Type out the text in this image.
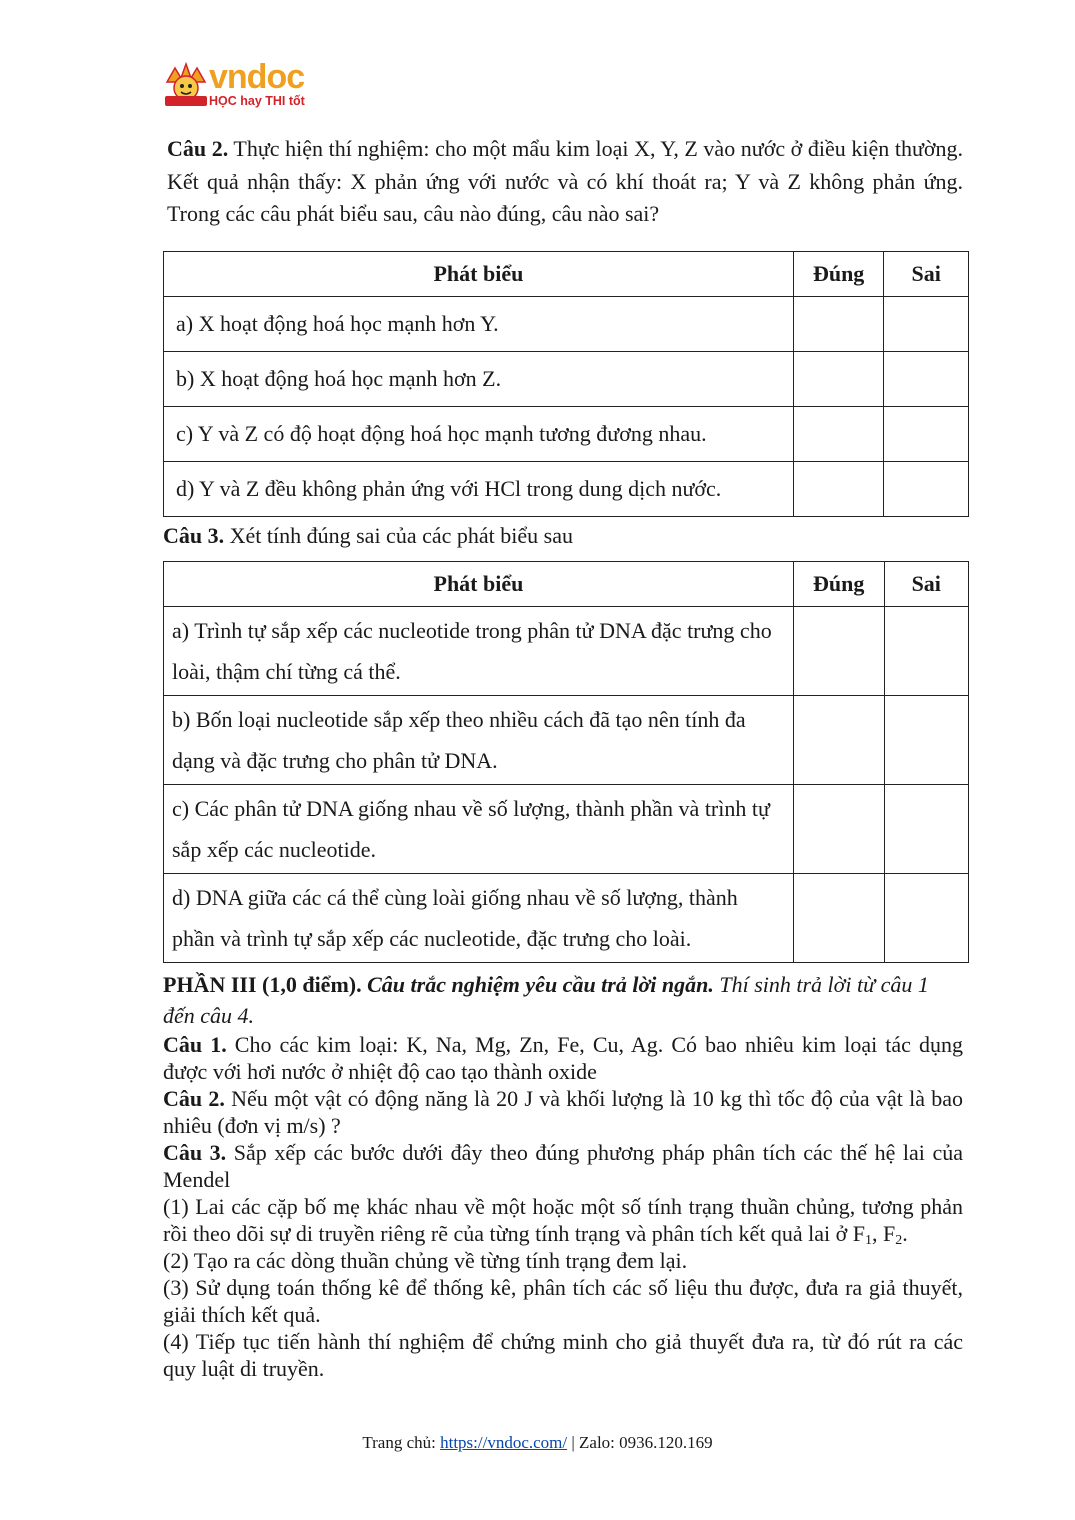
vndoc
HỌC hay THI tốt

Câu 2. Thực hiện thí nghiệm: cho một mẩu kim loại X, Y, Z vào nước ở điều kiện thường. Kết quả nhận thấy: X phản ứng với nước và có khí thoát ra; Y và Z không phản ứng. Trong các câu phát biểu sau, câu nào đúng, câu nào sai?

Phát biểu	Đúng	Sai
a) X hoạt động hoá học mạnh hơn Y.		
b) X hoạt động hoá học mạnh hơn Z.		
c) Y và Z có độ hoạt động hoá học mạnh tương đương nhau.		
d) Y và Z đều không phản ứng với HCl trong dung dịch nước.		

Câu 3. Xét tính đúng sai của các phát biểu sau

Phát biểu	Đúng	Sai
a) Trình tự sắp xếp các nucleotide trong phân tử DNA đặc trưng cho loài, thậm chí từng cá thể.		
b) Bốn loại nucleotide sắp xếp theo nhiều cách đã tạo nên tính đa dạng và đặc trưng cho phân tử DNA.		
c) Các phân tử DNA giống nhau về số lượng, thành phần và trình tự sắp xếp các nucleotide.		
d) DNA giữa các cá thể cùng loài giống nhau về số lượng, thành phần và trình tự sắp xếp các nucleotide, đặc trưng cho loài.		

PHẦN III (1,0 điểm). Câu trắc nghiệm yêu cầu trả lời ngắn. Thí sinh trả lời từ câu 1 đến câu 4.

Câu 1. Cho các kim loại: K, Na, Mg, Zn, Fe, Cu, Ag. Có bao nhiêu kim loại tác dụng được với hơi nước ở nhiệt độ cao tạo thành oxide

Câu 2. Nếu một vật có động năng là 20 J và khối lượng là 10 kg thì tốc độ của vật là bao nhiêu (đơn vị m/s) ?

Câu 3. Sắp xếp các bước dưới đây theo đúng phương pháp phân tích các thế hệ lai của Mendel

(1) Lai các cặp bố mẹ khác nhau về một hoặc một số tính trạng thuần chủng, tương phản rồi theo dõi sự di truyền riêng rẽ của từng tính trạng và phân tích kết quả lai ở $F_1$, $F_2$.

(2) Tạo ra các dòng thuần chủng về từng tính trạng đem lại.

(3) Sử dụng toán thống kê để thống kê, phân tích các số liệu thu được, đưa ra giả thuyết, giải thích kết quả.

(4) Tiếp tục tiến hành thí nghiệm để chứng minh cho giả thuyết đưa ra, từ đó rút ra các quy luật di truyền.

Trang chủ: https://vndoc.com/ | Zalo: 0936.120.169
